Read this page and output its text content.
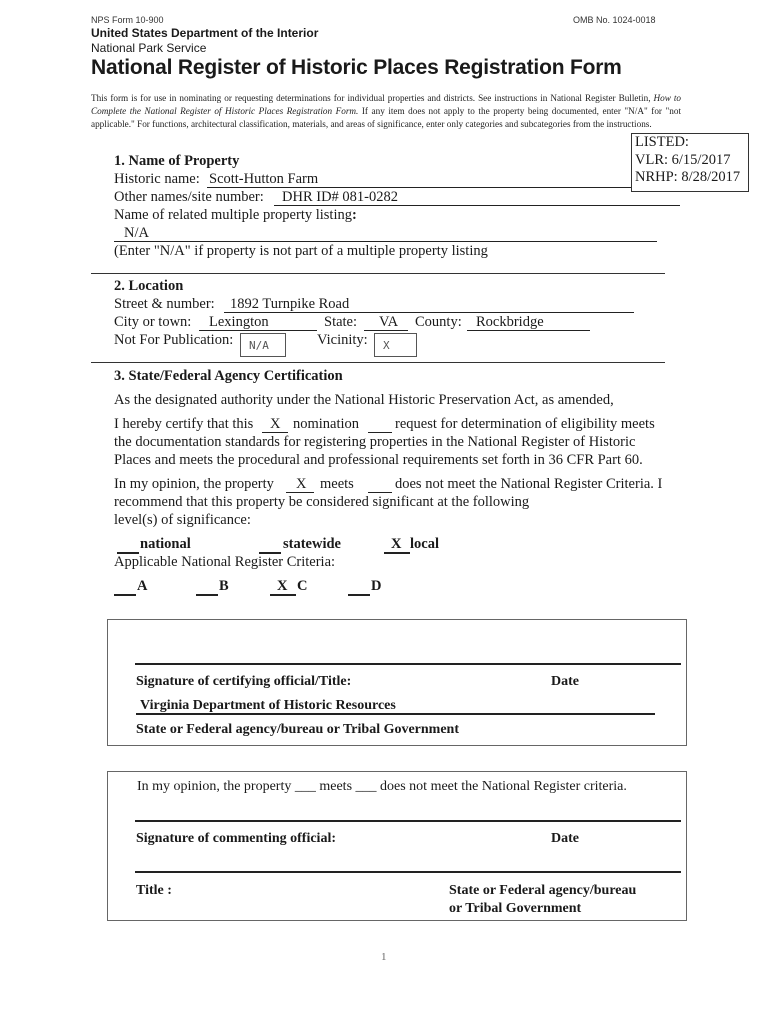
NPS Form 10-900	OMB No. 1024-0018
United States Department of the Interior
National Park Service
National Register of Historic Places Registration Form
This form is for use in nominating or requesting determinations for individual properties and districts. See instructions in National Register Bulletin, How to Complete the National Register of Historic Places Registration Form. If any item does not apply to the property being documented, enter "N/A" for "not applicable." For functions, architectural classification, materials, and areas of significance, enter only categories and subcategories from the instructions.
LISTED:
VLR: 6/15/2017
NRHP: 8/28/2017
1. Name of Property
Historic name: Scott-Hutton Farm
Other names/site number: DHR ID# 081-0282
Name of related multiple property listing:
N/A
(Enter "N/A" if property is not part of a multiple property listing
2. Location
Street & number: 1892 Turnpike Road
City or town: Lexington	State: VA County: Rockbridge
Not For Publication:	N/A	Vicinity:	X
3. State/Federal Agency Certification
As the designated authority under the National Historic Preservation Act, as amended,
I hereby certify that this X nomination request for determination of eligibility meets
the documentation standards for registering properties in the National Register of Historic
Places and meets the procedural and professional requirements set forth in 36 CFR Part 60.
In my opinion, the property X meets	does not meet the National Register Criteria. I
recommend that this property be considered significant at the following
level(s) of significance:
national	statewide	X local
Applicable National Register Criteria:
A	B	X C	D
Signature of certifying official/Title:	Date
Virginia Department of Historic Resources
State or Federal agency/bureau or Tribal Government
In my opinion, the property ___ meets ___ does not meet the National Register criteria.
Signature of commenting official:	Date
Title :	State or Federal agency/bureau
or Tribal Government
1
